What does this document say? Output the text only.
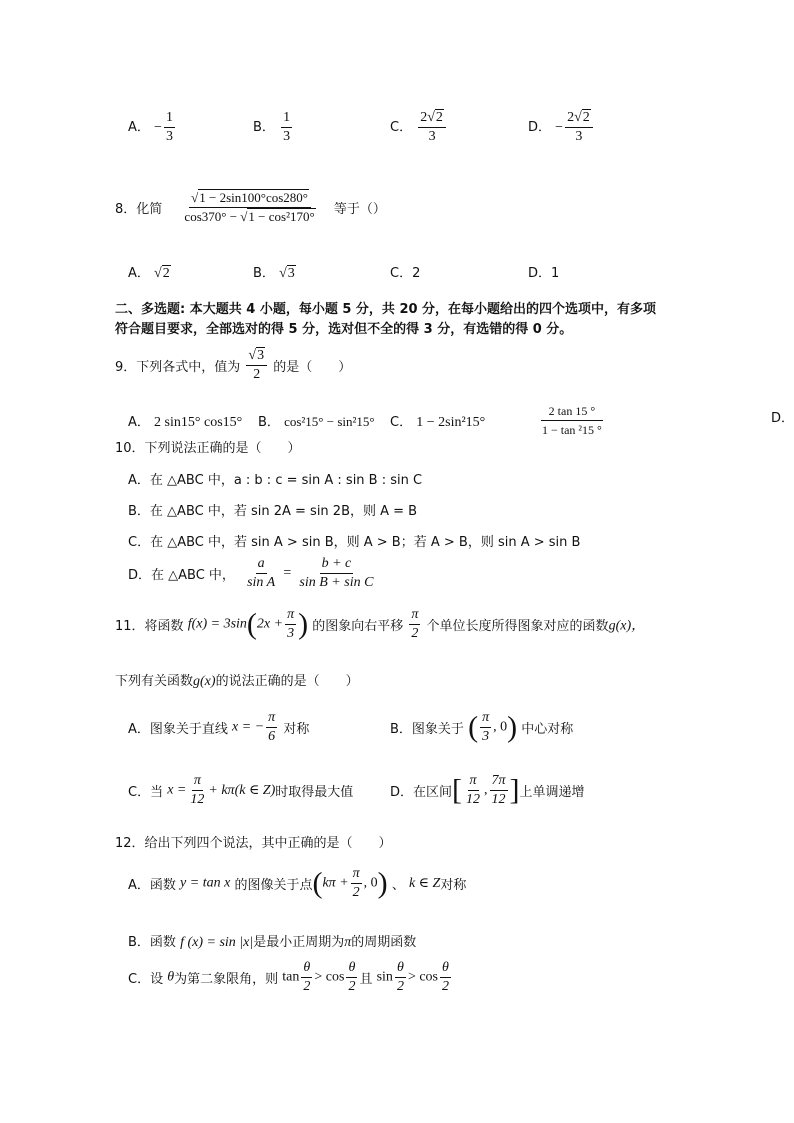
A． − $\frac{1}{3}$	B． $\frac{1}{3}$	C． $\frac{2√2}{3}$	D． − $\frac{2√2}{3}$
8．化简 $\frac{√1 - 2\sin 100^\circ\cos 280^\circ}{\text{cos370° − √1 − cos²170°}}$ 等于（）
A． √2	B． √3	C．2	D．1
二、多选题: 本大题共 4 小题，每小题 5 分，共 20 分，在每小题给出的四个选项中，有多项
符合题目要求，全部选对的得 5 分，选对但不全的得 3 分，有选错的得 0 分。
9．下列各式中，值为 $\frac{√3}{2}$ 的是（　　）
A． 2 sin15° cos15° B． cos²15° − sin²15° C． 1 − 2sin²15°	$\frac{2 \tan 15 ^\circ}{\text{1 − tan ²15 °}}$	D．
10．下列说法正确的是（　　）
A．在 △ABC 中，a : b : c = sin A : sin B : sin C
B．在 △ABC 中，若 sin 2A = sin 2B，则 A = B
C．在 △ABC 中，若 sin A > sin B，则 A > B；若 A > B，则 sin A > sin B
D．在 △ABC 中， $\frac{a}{\text{sin A}} = \frac{b + c}{\text{sin B + sin C}}$
11．将函数 $f(x) = 3\sin(2x + \frac{\pi}{3}$ ) 的图象向右平移 $\frac{\pi}{2}$ 个单位长度所得图象对应的函数g(x)，
下列有关函数g(x)的说法正确的是（　　）
A．图象关于直线 x = − $\frac{\pi}{6}$ 对称	B．图象关于 ( $\frac{\pi}{3}$ , 0) 中心对称
C．当 $x = \frac{\pi}{12} + k\pi(k$ ∈ Z)时取得最大值	D．在区间[ $\frac{\pi}{12}$ , $\frac{7\pi}{12}$ ]上单调递增
12．给出下列四个说法，其中正确的是（　　）
A．函数 y = tan x 的图像关于点($k\pi + \frac{\pi}{2}$ , 0) 、 k ∈ Z对称
B．函数 f (x) = sin |x|是最小正周期为π的周期函数
C．设 θ为第二象限角，则 $\tan \frac{\theta}{2} > \cos \frac{\theta}{2}$ 且 $\sin \frac{\theta}{2} > \cos \frac{\theta}{2}$
